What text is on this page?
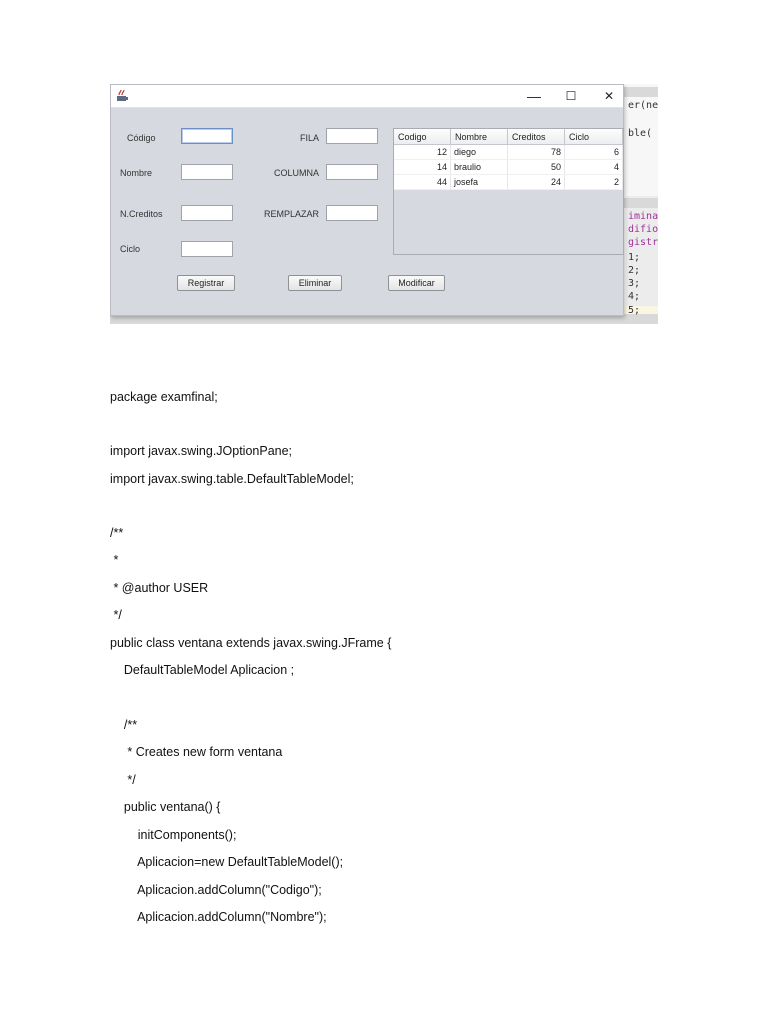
er(ne
ble(
imina
difio
gistr
1;
2;
3;
4;
5;
—	☐	✕
Código
Nombre
N.Creditos
Ciclo
FILA
COLUMNA
REMPLAZAR
Codigo	Nombre	Creditos	Ciclo
12	diego	78	6
14	braulio	50	4
44	josefa	24	2
Registrar	Eliminar	Modificar
package examfinal;
import javax.swing.JOptionPane;
import javax.swing.table.DefaultTableModel;
/**
*
* @author USER
*/
public class ventana extends javax.swing.JFrame {
DefaultTableModel Aplicacion ;
/**
* Creates new form ventana
*/
public ventana() {
initComponents();
Aplicacion=new DefaultTableModel();
Aplicacion.addColumn("Codigo");
Aplicacion.addColumn("Nombre");
